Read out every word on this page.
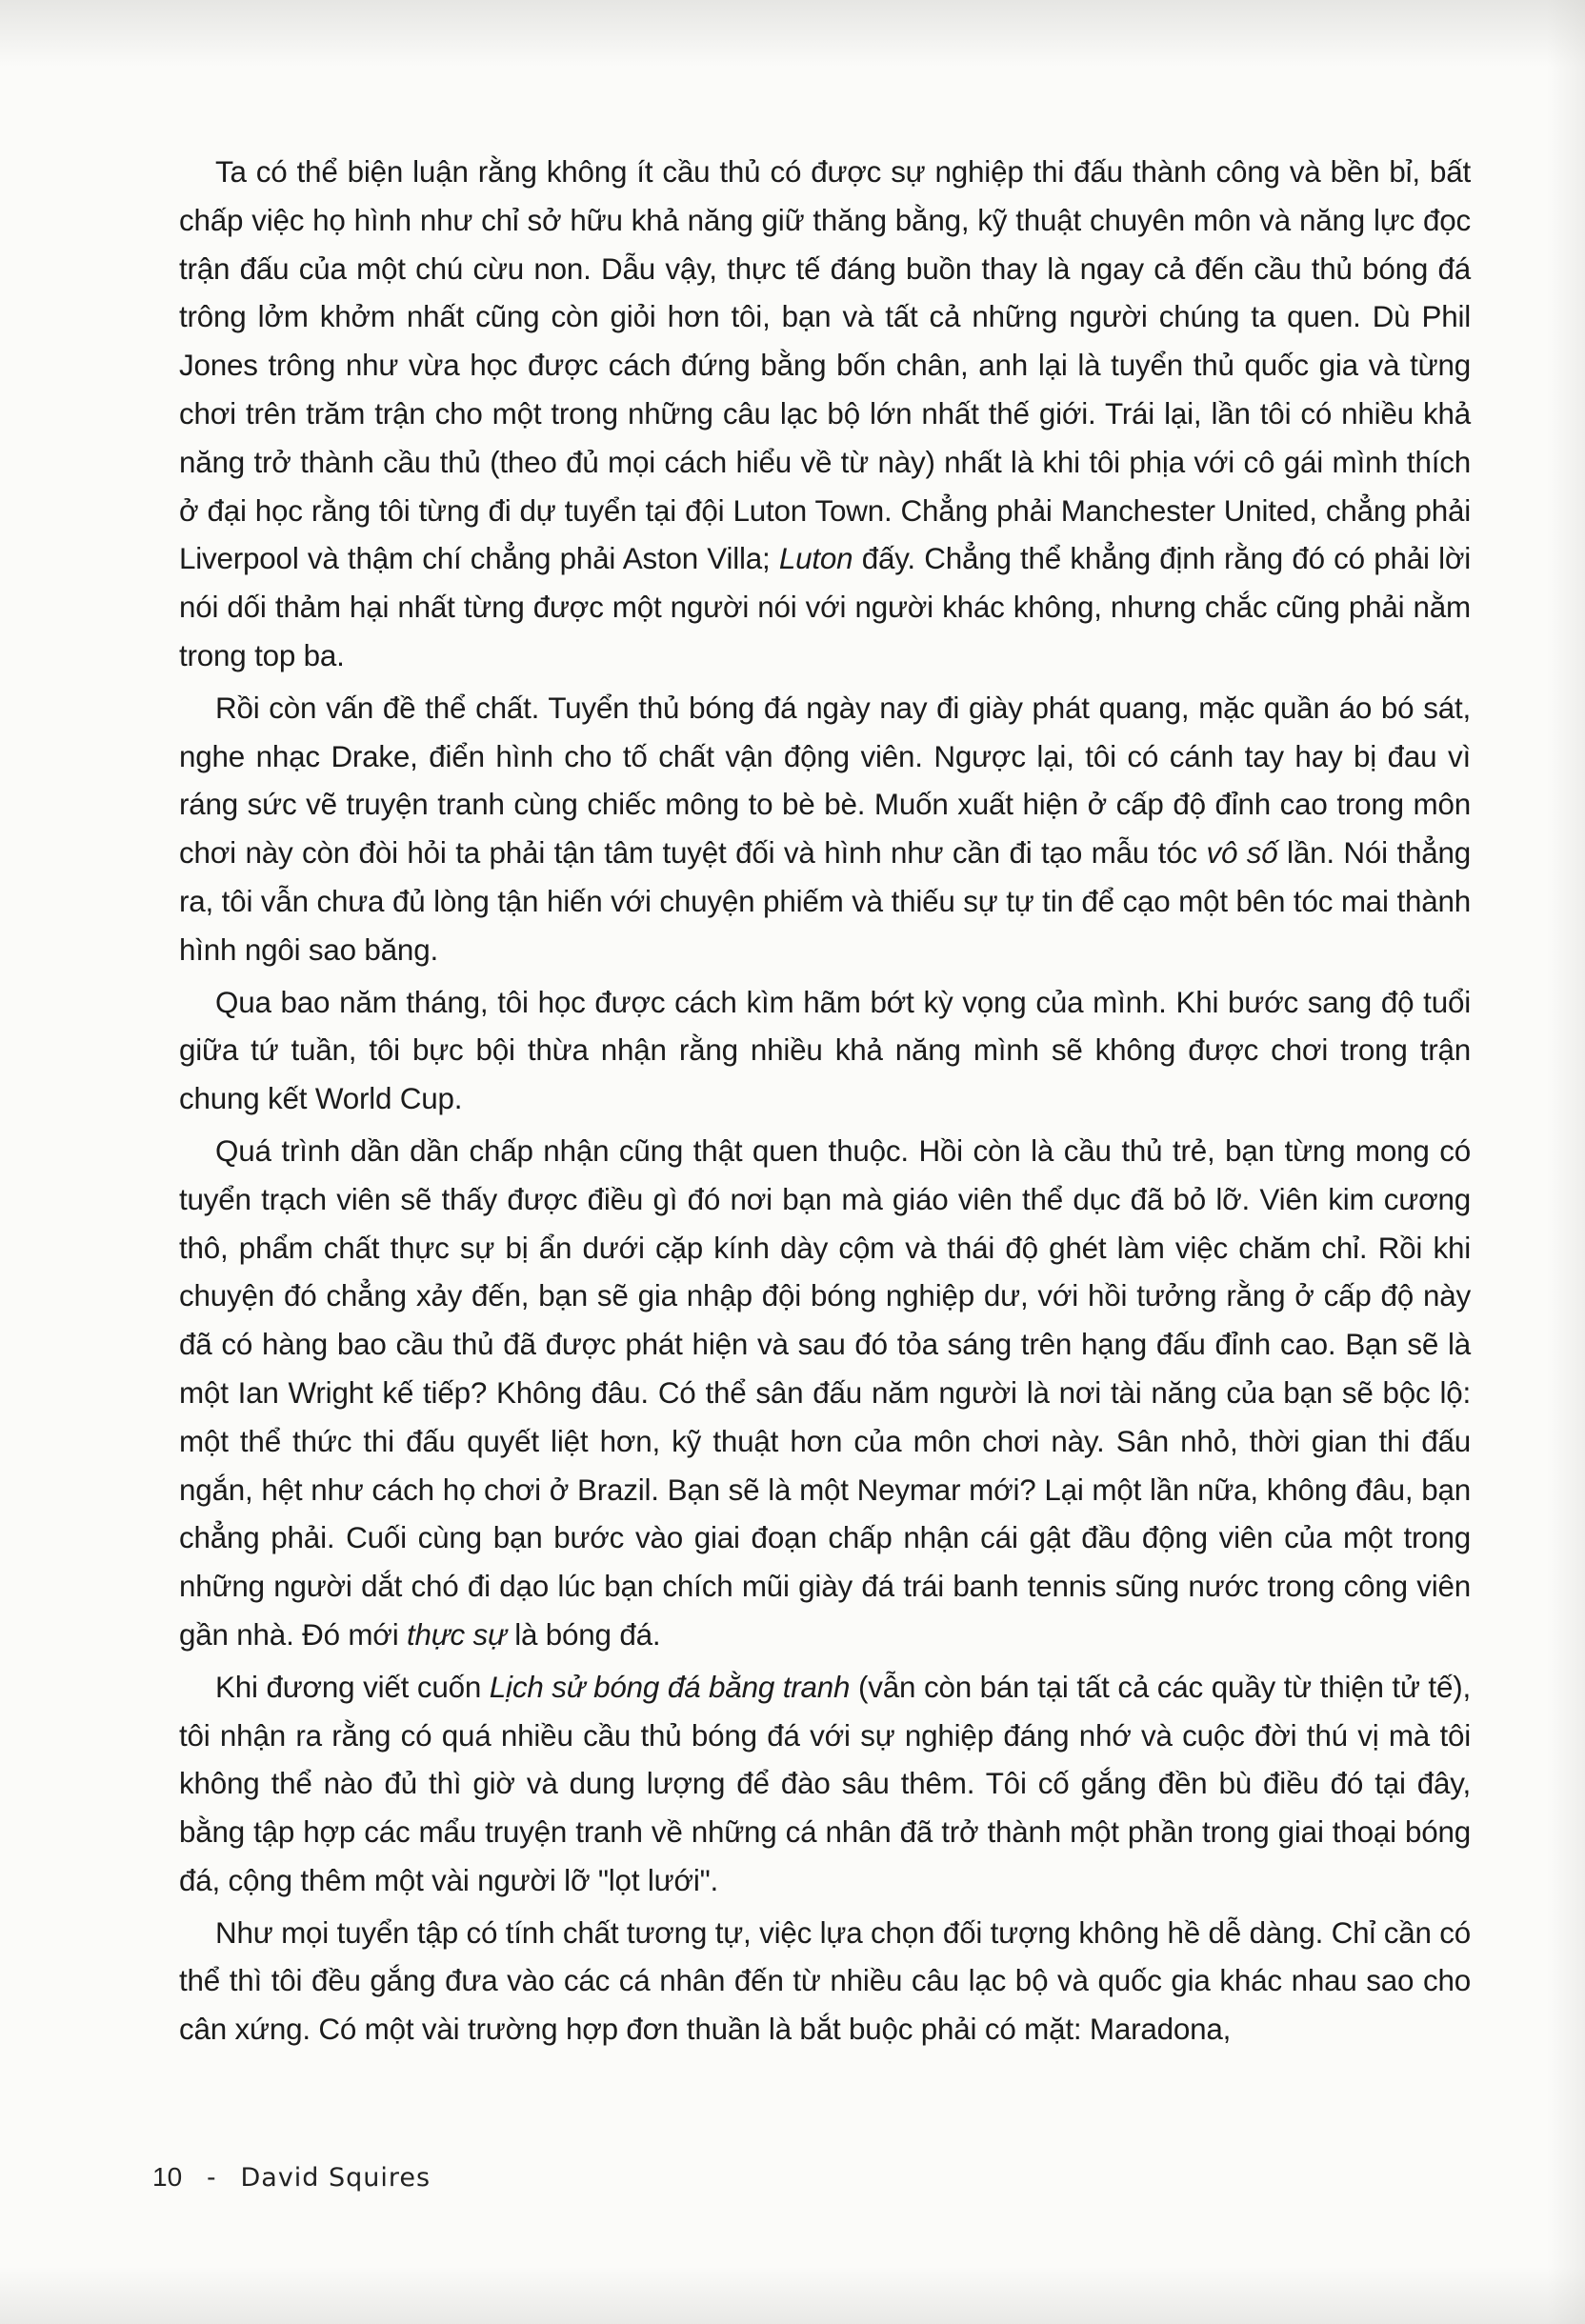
Ta có thể biện luận rằng không ít cầu thủ có được sự nghiệp thi đấu thành công và bền bỉ, bất chấp việc họ hình như chỉ sở hữu khả năng giữ thăng bằng, kỹ thuật chuyên môn và năng lực đọc trận đấu của một chú cừu non. Dẫu vậy, thực tế đáng buồn thay là ngay cả đến cầu thủ bóng đá trông lởm khởm nhất cũng còn giỏi hơn tôi, bạn và tất cả những người chúng ta quen. Dù Phil Jones trông như vừa học được cách đứng bằng bốn chân, anh lại là tuyển thủ quốc gia và từng chơi trên trăm trận cho một trong những câu lạc bộ lớn nhất thế giới. Trái lại, lần tôi có nhiều khả năng trở thành cầu thủ (theo đủ mọi cách hiểu về từ này) nhất là khi tôi phịa với cô gái mình thích ở đại học rằng tôi từng đi dự tuyển tại đội Luton Town. Chẳng phải Manchester United, chẳng phải Liverpool và thậm chí chẳng phải Aston Villa; Luton đấy. Chẳng thể khẳng định rằng đó có phải lời nói dối thảm hại nhất từng được một người nói với người khác không, nhưng chắc cũng phải nằm trong top ba.

Rồi còn vấn đề thể chất. Tuyển thủ bóng đá ngày nay đi giày phát quang, mặc quần áo bó sát, nghe nhạc Drake, điển hình cho tố chất vận động viên. Ngược lại, tôi có cánh tay hay bị đau vì ráng sức vẽ truyện tranh cùng chiếc mông to bè bè. Muốn xuất hiện ở cấp độ đỉnh cao trong môn chơi này còn đòi hỏi ta phải tận tâm tuyệt đối và hình như cần đi tạo mẫu tóc vô số lần. Nói thẳng ra, tôi vẫn chưa đủ lòng tận hiến với chuyện phiếm và thiếu sự tự tin để cạo một bên tóc mai thành hình ngôi sao băng.

Qua bao năm tháng, tôi học được cách kìm hãm bớt kỳ vọng của mình. Khi bước sang độ tuổi giữa tứ tuần, tôi bực bội thừa nhận rằng nhiều khả năng mình sẽ không được chơi trong trận chung kết World Cup.

Quá trình dần dần chấp nhận cũng thật quen thuộc. Hồi còn là cầu thủ trẻ, bạn từng mong có tuyển trạch viên sẽ thấy được điều gì đó nơi bạn mà giáo viên thể dục đã bỏ lỡ. Viên kim cương thô, phẩm chất thực sự bị ẩn dưới cặp kính dày cộm và thái độ ghét làm việc chăm chỉ. Rồi khi chuyện đó chẳng xảy đến, bạn sẽ gia nhập đội bóng nghiệp dư, với hồi tưởng rằng ở cấp độ này đã có hàng bao cầu thủ đã được phát hiện và sau đó tỏa sáng trên hạng đấu đỉnh cao. Bạn sẽ là một Ian Wright kế tiếp? Không đâu. Có thể sân đấu năm người là nơi tài năng của bạn sẽ bộc lộ: một thể thức thi đấu quyết liệt hơn, kỹ thuật hơn của môn chơi này. Sân nhỏ, thời gian thi đấu ngắn, hệt như cách họ chơi ở Brazil. Bạn sẽ là một Neymar mới? Lại một lần nữa, không đâu, bạn chẳng phải. Cuối cùng bạn bước vào giai đoạn chấp nhận cái gật đầu động viên của một trong những người dắt chó đi dạo lúc bạn chích mũi giày đá trái banh tennis sũng nước trong công viên gần nhà. Đó mới thực sự là bóng đá.

Khi đương viết cuốn Lịch sử bóng đá bằng tranh (vẫn còn bán tại tất cả các quầy từ thiện tử tế), tôi nhận ra rằng có quá nhiều cầu thủ bóng đá với sự nghiệp đáng nhớ và cuộc đời thú vị mà tôi không thể nào đủ thì giờ và dung lượng để đào sâu thêm. Tôi cố gắng đền bù điều đó tại đây, bằng tập hợp các mẩu truyện tranh về những cá nhân đã trở thành một phần trong giai thoại bóng đá, cộng thêm một vài người lỡ "lọt lưới".

Như mọi tuyển tập có tính chất tương tự, việc lựa chọn đối tượng không hề dễ dàng. Chỉ cần có thể thì tôi đều gắng đưa vào các cá nhân đến từ nhiều câu lạc bộ và quốc gia khác nhau sao cho cân xứng. Có một vài trường hợp đơn thuần là bắt buộc phải có mặt: Maradona,

10 - David Squires
